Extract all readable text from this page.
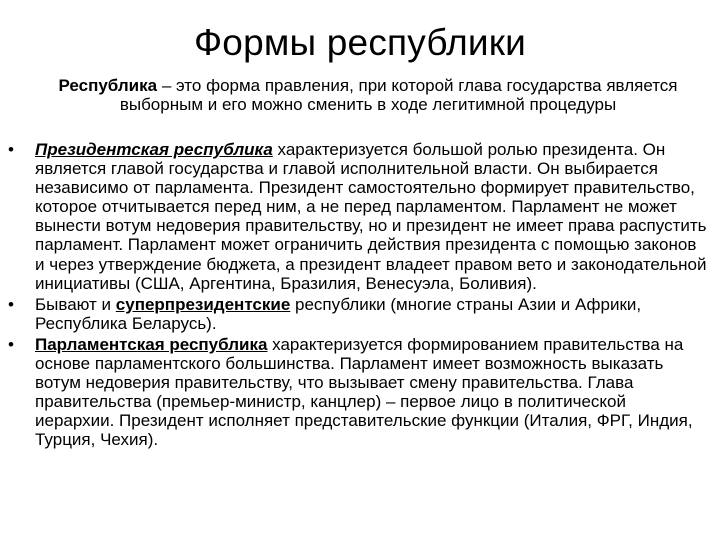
Формы республики
Республика – это форма правления, при которой глава государства является выборным и его можно сменить в ходе легитимной процедуры
• Президентская республика характеризуется большой ролью президента. Он является главой государства и главой исполнительной власти. Он выбирается независимо от парламента. Президент самостоятельно формирует правительство, которое отчитывается перед ним, а не перед парламентом. Парламент не может вынести вотум недоверия правительству, но и президент не имеет права распустить парламент. Парламент может ограничить действия президента с помощью законов и через утверждение бюджета, а президент владеет правом вето и законодательной инициативы (США, Аргентина, Бразилия, Венесуэла, Боливия).
• Бывают и суперпрезидентские республики (многие страны Азии и Африки, Республика Беларусь).
• Парламентская республика характеризуется формированием правительства на основе парламентского большинства. Парламент имеет возможность выказать вотум недоверия правительству, что вызывает смену правительства. Глава правительства (премьер-министр, канцлер) – первое лицо в политической иерархии. Президент исполняет представительские функции (Италия, ФРГ, Индия, Турция, Чехия).
